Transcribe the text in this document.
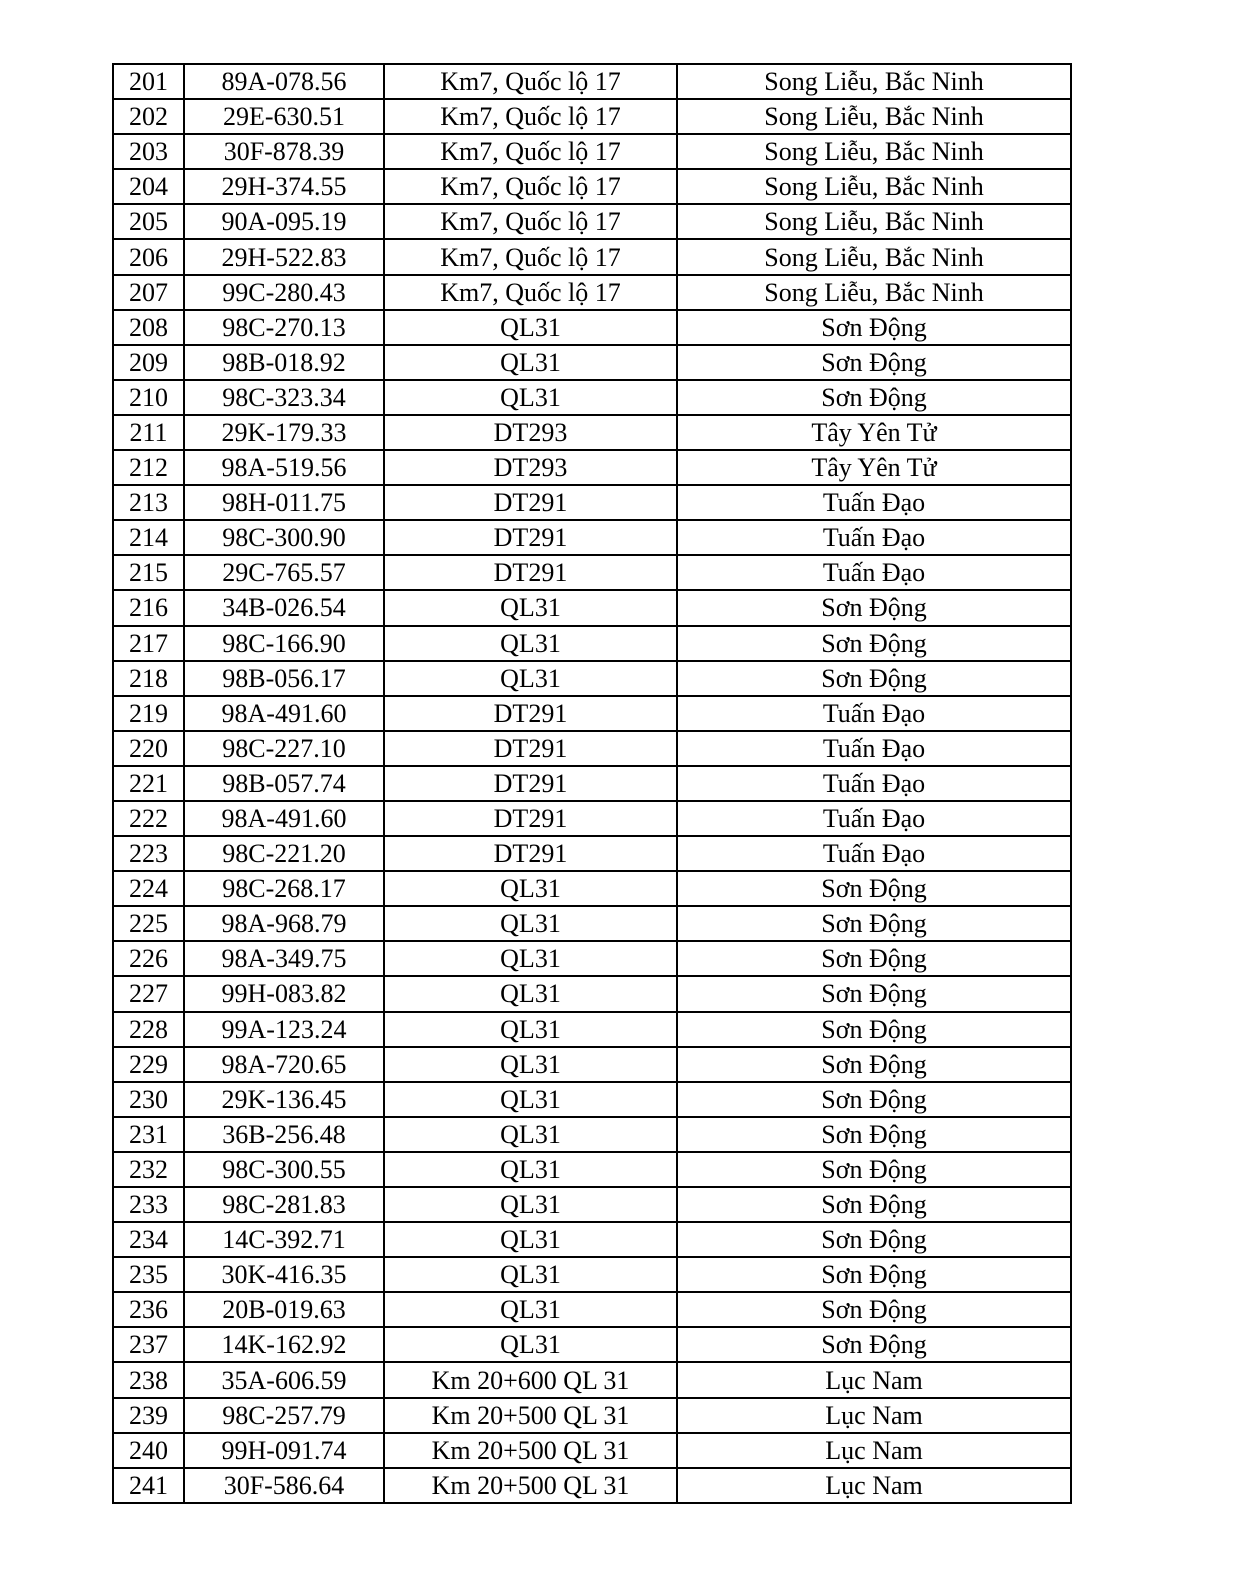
201	89A-078.56	Km7, Quốc lộ 17	Song Liễu, Bắc Ninh
202	29E-630.51	Km7, Quốc lộ 17	Song Liễu, Bắc Ninh
203	30F-878.39	Km7, Quốc lộ 17	Song Liễu, Bắc Ninh
204	29H-374.55	Km7, Quốc lộ 17	Song Liễu, Bắc Ninh
205	90A-095.19	Km7, Quốc lộ 17	Song Liễu, Bắc Ninh
206	29H-522.83	Km7, Quốc lộ 17	Song Liễu, Bắc Ninh
207	99C-280.43	Km7, Quốc lộ 17	Song Liễu, Bắc Ninh
208	98C-270.13	QL31	Sơn Động
209	98B-018.92	QL31	Sơn Động
210	98C-323.34	QL31	Sơn Động
211	29K-179.33	DT293	Tây Yên Tử
212	98A-519.56	DT293	Tây Yên Tử
213	98H-011.75	DT291	Tuấn Đạo
214	98C-300.90	DT291	Tuấn Đạo
215	29C-765.57	DT291	Tuấn Đạo
216	34B-026.54	QL31	Sơn Động
217	98C-166.90	QL31	Sơn Động
218	98B-056.17	QL31	Sơn Động
219	98A-491.60	DT291	Tuấn Đạo
220	98C-227.10	DT291	Tuấn Đạo
221	98B-057.74	DT291	Tuấn Đạo
222	98A-491.60	DT291	Tuấn Đạo
223	98C-221.20	DT291	Tuấn Đạo
224	98C-268.17	QL31	Sơn Động
225	98A-968.79	QL31	Sơn Động
226	98A-349.75	QL31	Sơn Động
227	99H-083.82	QL31	Sơn Động
228	99A-123.24	QL31	Sơn Động
229	98A-720.65	QL31	Sơn Động
230	29K-136.45	QL31	Sơn Động
231	36B-256.48	QL31	Sơn Động
232	98C-300.55	QL31	Sơn Động
233	98C-281.83	QL31	Sơn Động
234	14C-392.71	QL31	Sơn Động
235	30K-416.35	QL31	Sơn Động
236	20B-019.63	QL31	Sơn Động
237	14K-162.92	QL31	Sơn Động
238	35A-606.59	Km 20+600 QL 31	Lục Nam
239	98C-257.79	Km 20+500 QL 31	Lục Nam
240	99H-091.74	Km 20+500 QL 31	Lục Nam
241	30F-586.64	Km 20+500 QL 31	Lục Nam
